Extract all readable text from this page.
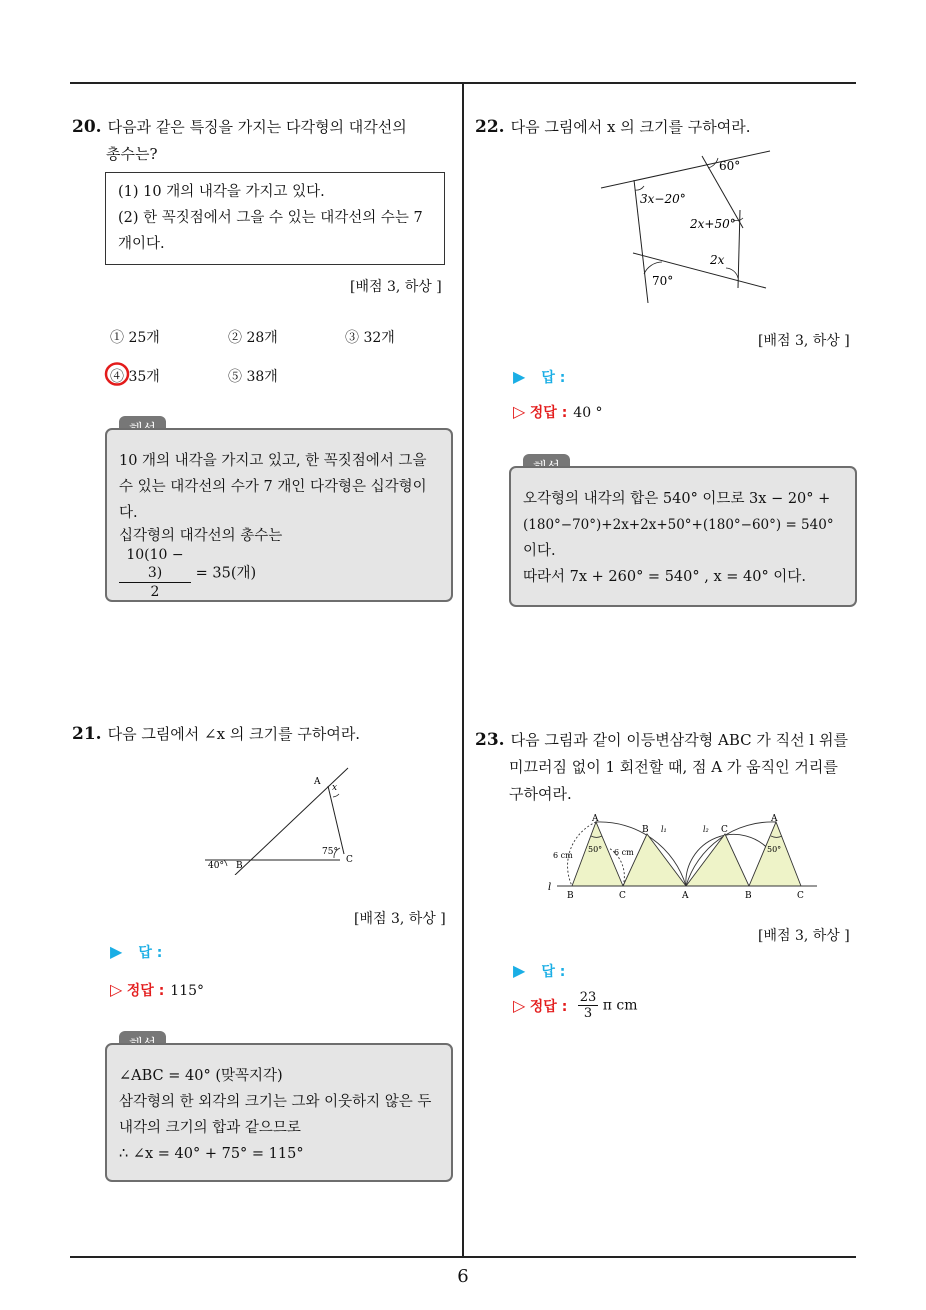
20. 다음과 같은 특징을 가지는 다각형의 대각선의
총수는?
(1) 10 개의 내각을 가지고 있다.
(2) 한 꼭짓점에서 그을 수 있는 대각선의 수는 7
개이다.
[배점 3, 하상 ]
① 25개	② 28개	③ 32개
④ 35개	⑤ 38개
10 개의 내각을 가지고 있고, 한 꼭짓점에서 그을
수 있는 대각선의 수가 7 개인 다각형은 십각형이
다.
십각형의 대각선의 총수는
$\frac{10(10 - 3)}{2} = 35$(개)
21. 다음 그림에서 ∠x 의 크기를 구하여라.
A
x
B
C
40°
75°
[배점 3, 하상 ]
▶ 답 :
▷ 정답 : 115°
∠ABC = 40° (맞꼭지각)
삼각형의 한 외각의 크기는 그와 이웃하지 않은 두
내각의 크기의 합과 같으므로
∴ ∠x = 40° + 75° = 115°
22. 다음 그림에서 x 의 크기를 구하여라.
60°
3x−20°
2x+50°
2x
70°
[배점 3, 하상 ]
▶ 답 :
▷ 정답 : 40 °
오각형의 내각의 합은 540° 이므로 3x − 20° +
(180°−70°)+2x+2x+50°+(180°−60°) = 540°
이다.
따라서 7x + 260° = 540° , x = 40° 이다.
23. 다음 그림과 같이 이등변삼각형 ABC 가 직선 l 위를
미끄러짐 없이 1 회전할 때, 점 A 가 움직인 거리를
구하여라.
A
B l₁	l₂ C
A
6 cm	6 cm
50°	50°
l
B	C	A	B	C
[배점 3, 하상 ]
▶ 답 :
▷ 정답 : $\frac{23}{3}$ π cm
6
